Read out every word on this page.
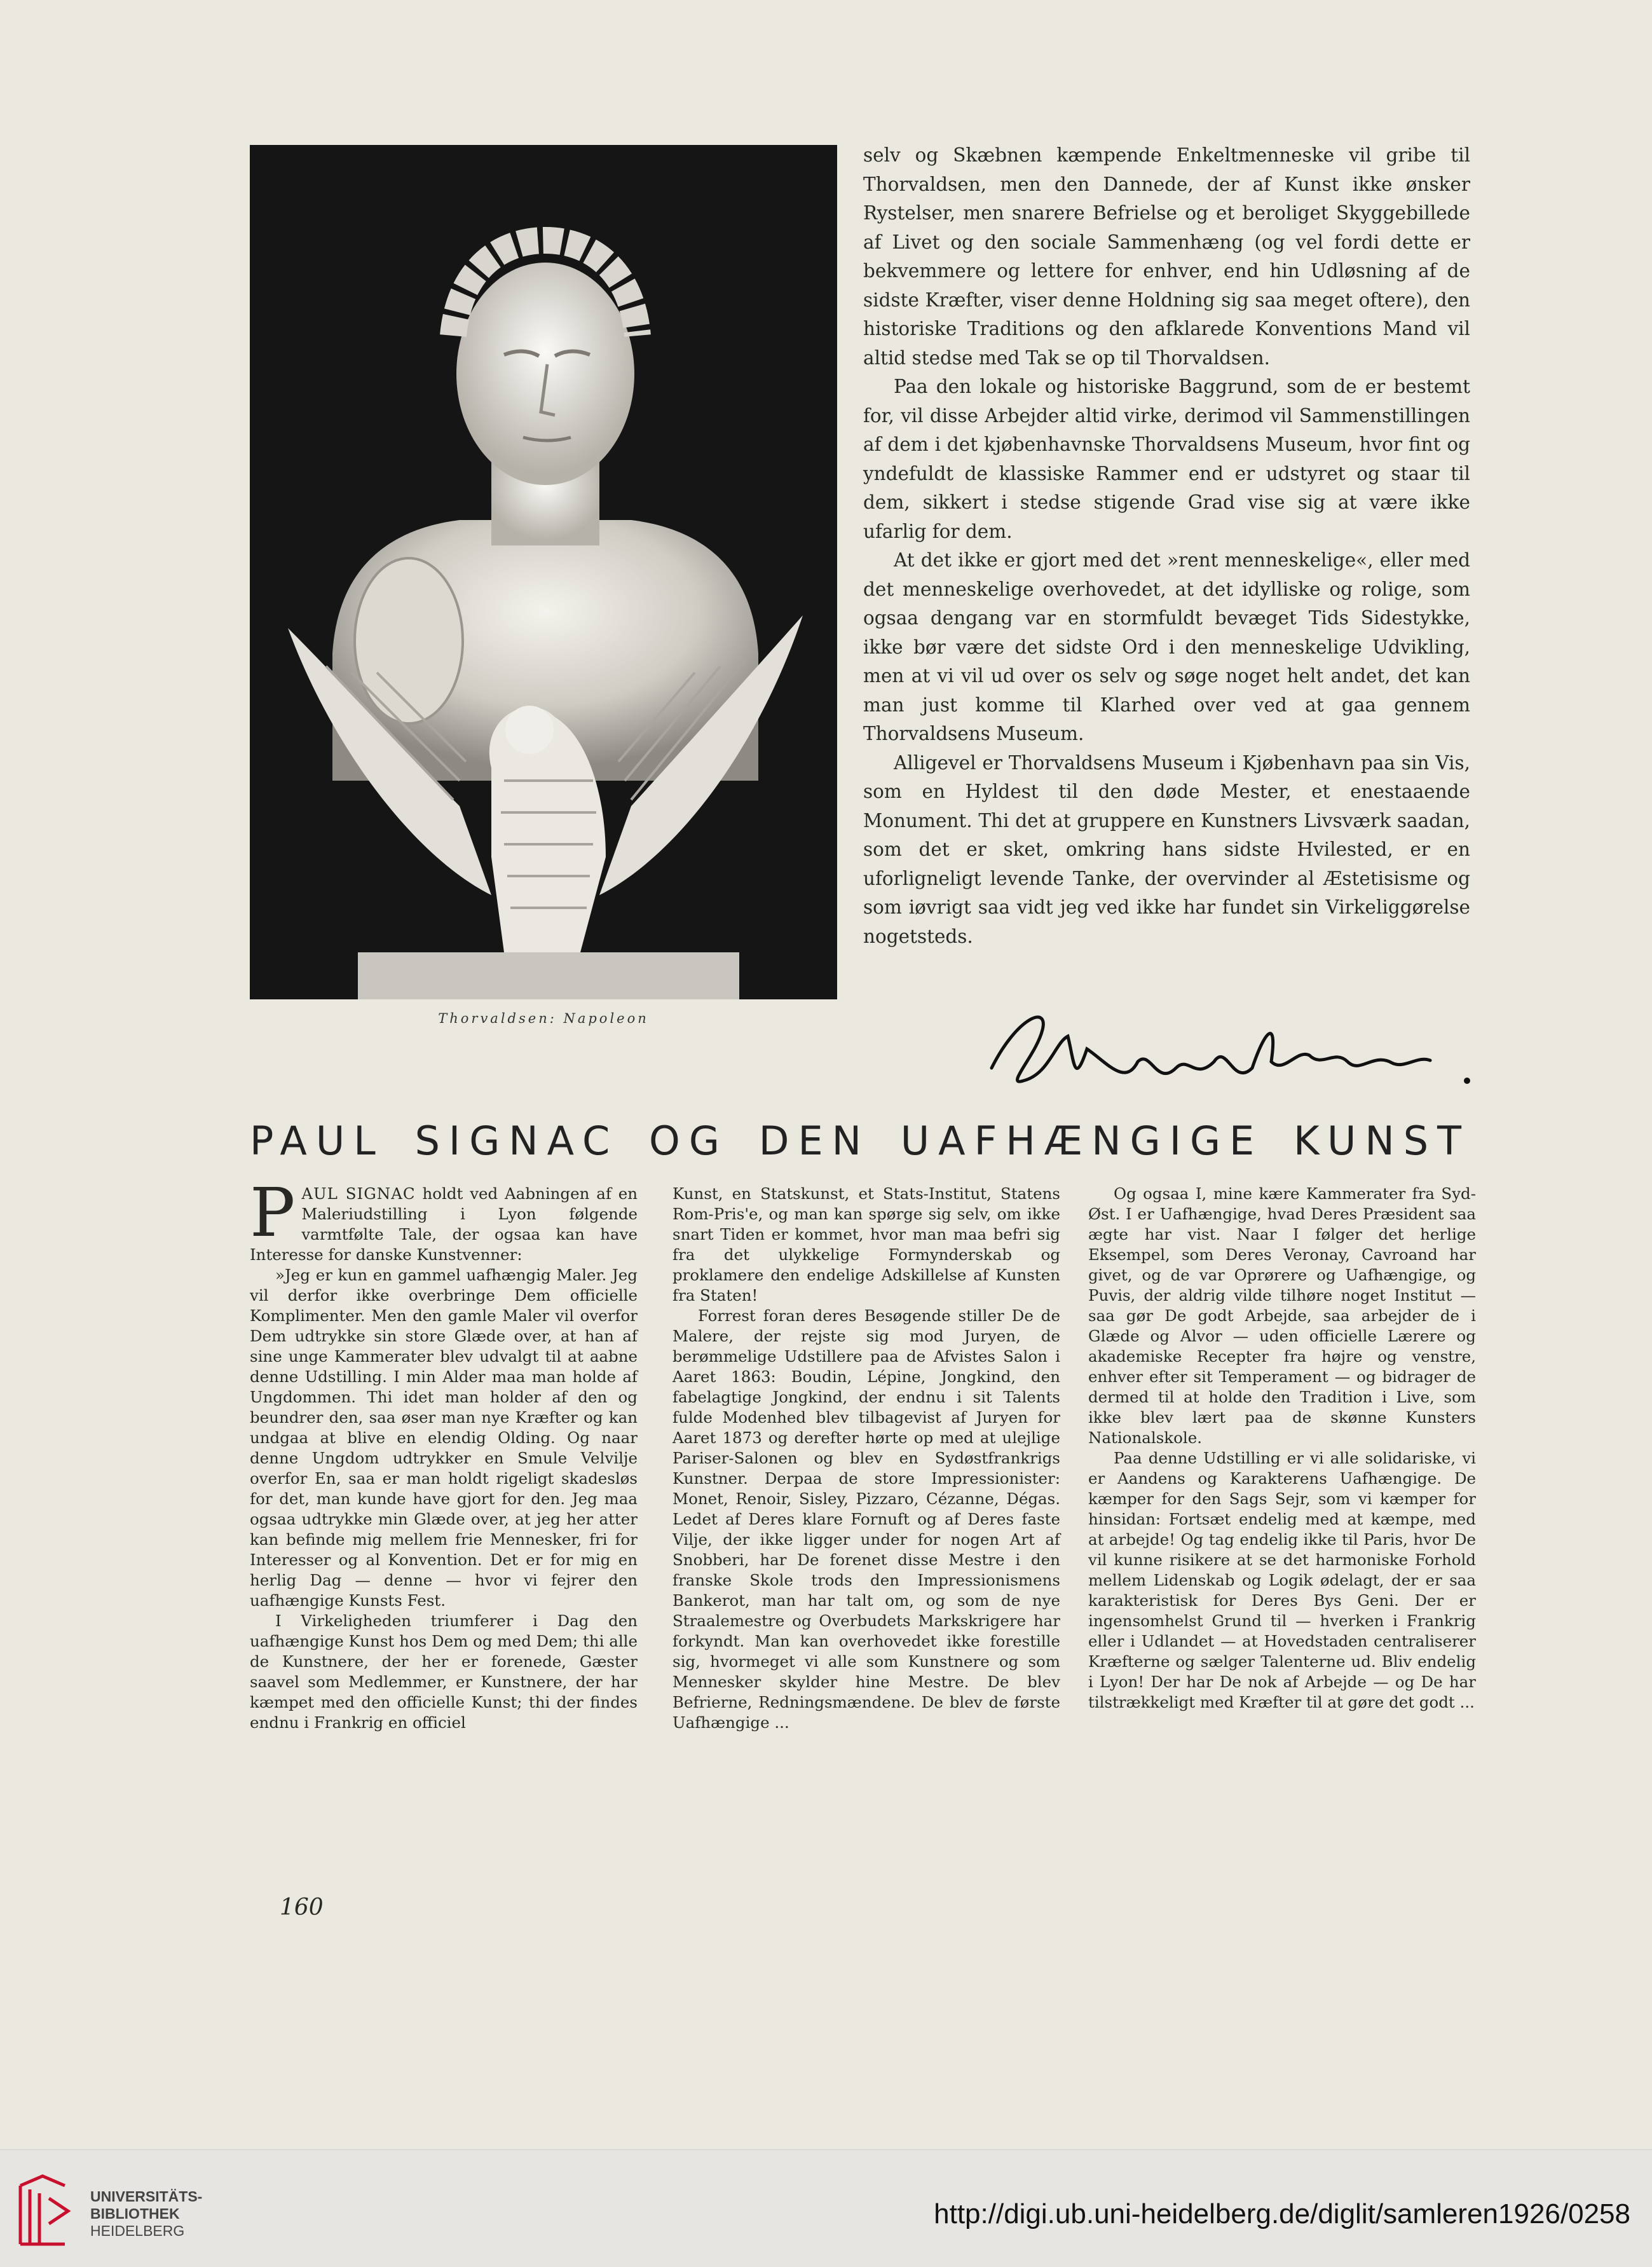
Thorvaldsen: Napoleon

selv og Skæbnen kæmpende Enkeltmenneske vil gribe til Thorvaldsen, men den Dannede, der af Kunst ikke ønsker Rystelser, men snarere Befrielse og et beroliget Skyggebillede af Livet og den sociale Sammenhæng (og vel fordi dette er bekvemmere og lettere for enhver, end hin Udløsning af de sidste Kræfter, viser denne Holdning sig saa meget oftere), den historiske Traditions og den afklarede Konventions Mand vil altid stedse med Tak se op til Thorvaldsen.

Paa den lokale og historiske Baggrund, som de er bestemt for, vil disse Arbejder altid virke, derimod vil Sammenstillingen af dem i det kjøbenhavnske Thorvaldsens Museum, hvor fint og yndefuldt de klassiske Rammer end er udstyret og staar til dem, sikkert i stedse stigende Grad vise sig at være ikke ufarlig for dem.

At det ikke er gjort med det »rent menneskelige«, eller med det menneskelige overhovedet, at det idylliske og rolige, som ogsaa dengang var en stormfuldt bevæget Tids Sidestykke, ikke bør være det sidste Ord i den menneskelige Udvikling, men at vi vil ud over os selv og søge noget helt andet, det kan man just komme til Klarhed over ved at gaa gennem Thorvaldsens Museum.

Alligevel er Thorvaldsens Museum i Kjøbenhavn paa sin Vis, som en Hyldest til den døde Mester, et enestaaende Monument. Thi det at gruppere en Kunstners Livsværk saadan, som det er sket, omkring hans sidste Hvilested, er en uforligneligt levende Tanke, der overvinder al Æstetisisme og som iøvrigt saa vidt jeg ved ikke har fundet sin Virkeliggørelse nogetsteds.

PAUL SIGNAC OG DEN UAFHÆNGIGE KUNST

PAUL SIGNAC holdt ved Aabningen af en Maleriudstilling i Lyon følgende varmtfølte Tale, der ogsaa kan have Interesse for danske Kunstvenner:

»Jeg er kun en gammel uafhængig Maler. Jeg vil derfor ikke overbringe Dem officielle Komplimenter. Men den gamle Maler vil overfor Dem udtrykke sin store Glæde over, at han af sine unge Kammerater blev udvalgt til at aabne denne Udstilling. I min Alder maa man holde af Ungdommen. Thi idet man holder af den og beundrer den, saa øser man nye Kræfter og kan undgaa at blive en elendig Olding. Og naar denne Ungdom udtrykker en Smule Velvilje overfor En, saa er man holdt rigeligt skadesløs for det, man kunde have gjort for den. Jeg maa ogsaa udtrykke min Glæde over, at jeg her atter kan befinde mig mellem frie Mennesker, fri for Interesser og al Konvention. Det er for mig en herlig Dag — denne — hvor vi fejrer den uafhængige Kunsts Fest.

I Virkeligheden triumferer i Dag den uafhængige Kunst hos Dem og med Dem; thi alle de Kunstnere, der her er forenede, Gæster saavel som Medlemmer, er Kunstnere, der har kæmpet med den officielle Kunst; thi der findes endnu i Frankrig en officiel

Kunst, en Statskunst, et Stats-Institut, Statens Rom-Pris'e, og man kan spørge sig selv, om ikke snart Tiden er kommet, hvor man maa befri sig fra det ulykkelige Formynderskab og proklamere den endelige Adskillelse af Kunsten fra Staten!

Forrest foran deres Besøgende stiller De de Malere, der rejste sig mod Juryen, de berømmelige Udstillere paa de Afvistes Salon i Aaret 1863: Boudin, Lépine, Jongkind, den fabelagtige Jongkind, der endnu i sit Talents fulde Modenhed blev tilbagevist af Juryen for Aaret 1873 og derefter hørte op med at ulejlige Pariser-Salonen og blev en Sydøstfrankrigs Kunstner. Derpaa de store Impressionister: Monet, Renoir, Sisley, Pizzaro, Cézanne, Dégas. Ledet af Deres klare Fornuft og af Deres faste Vilje, der ikke ligger under for nogen Art af Snobberi, har De forenet disse Mestre i den franske Skole trods den Impressionismens Bankerot, man har talt om, og som de nye Straalemestre og Overbudets Markskrigere har forkyndt. Man kan overhovedet ikke forestille sig, hvormeget vi alle som Kunstnere og som Mennesker skylder hine Mestre. De blev Befrierne, Redningsmændene. De blev de første Uafhængige ...

Og ogsaa I, mine kære Kammerater fra Syd-Øst. I er Uafhængige, hvad Deres Præsident saa ægte har vist. Naar I følger det herlige Eksempel, som Deres Veronay, Cavroand har givet, og de var Oprørere og Uafhængige, og Puvis, der aldrig vilde tilhøre noget Institut — saa gør De godt Arbejde, saa arbejder de i Glæde og Alvor — uden officielle Lærere og akademiske Recepter fra højre og venstre, enhver efter sit Temperament — og bidrager de dermed til at holde den Tradition i Live, som ikke blev lært paa de skønne Kunsters Nationalskole.

Paa denne Udstilling er vi alle solidariske, vi er Aandens og Karakterens Uafhængige. De kæmper for den Sags Sejr, som vi kæmper for hinsidan: Fortsæt endelig med at kæmpe, med at arbejde! Og tag endelig ikke til Paris, hvor De vil kunne risikere at se det harmoniske Forhold mellem Lidenskab og Logik ødelagt, der er saa karakteristisk for Deres Bys Geni. Der er ingensomhelst Grund til — hverken i Frankrig eller i Udlandet — at Hovedstaden centraliserer Kræfterne og sælger Talenterne ud. Bliv endelig i Lyon! Der har De nok af Arbejde — og De har tilstrækkeligt med Kræfter til at gøre det godt ...

160
UNIVERSITÄTS-
BIBLIOTHEK
HEIDELBERG
http://digi.ub.uni-heidelberg.de/diglit/samleren1926/0258
